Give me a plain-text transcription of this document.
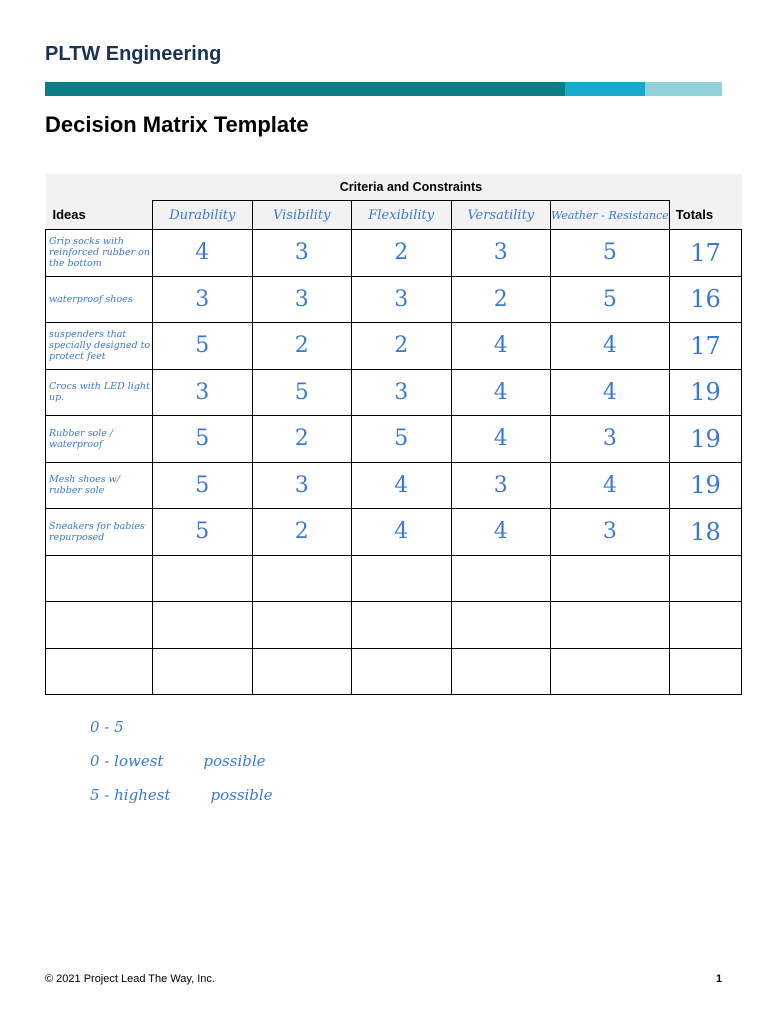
PLTW Engineering
Decision Matrix Template
	Criteria and Constraints					
Ideas	Durability	Visibility	Flexibility	Versatility	Weather - Resistance	Totals
Grip socks with reinforced rubber on the bottom	4	3	2	3	5	17
waterproof shoes	3	3	3	2	5	16
suspenders that specially designed to protect feet	5	2	2	4	4	17
Crocs with LED light up.	3	5	3	4	4	19
Rubber sole / waterproof	5	2	5	4	3	19
Mesh shoes w/ rubber sole	5	3	4	3	4	19
Sneakers for babies repurposed	5	2	4	4	3	18

0 - 5
0 - lowest	possible
5 - highest	possible
© 2021 Project Lead The Way, Inc.	1
